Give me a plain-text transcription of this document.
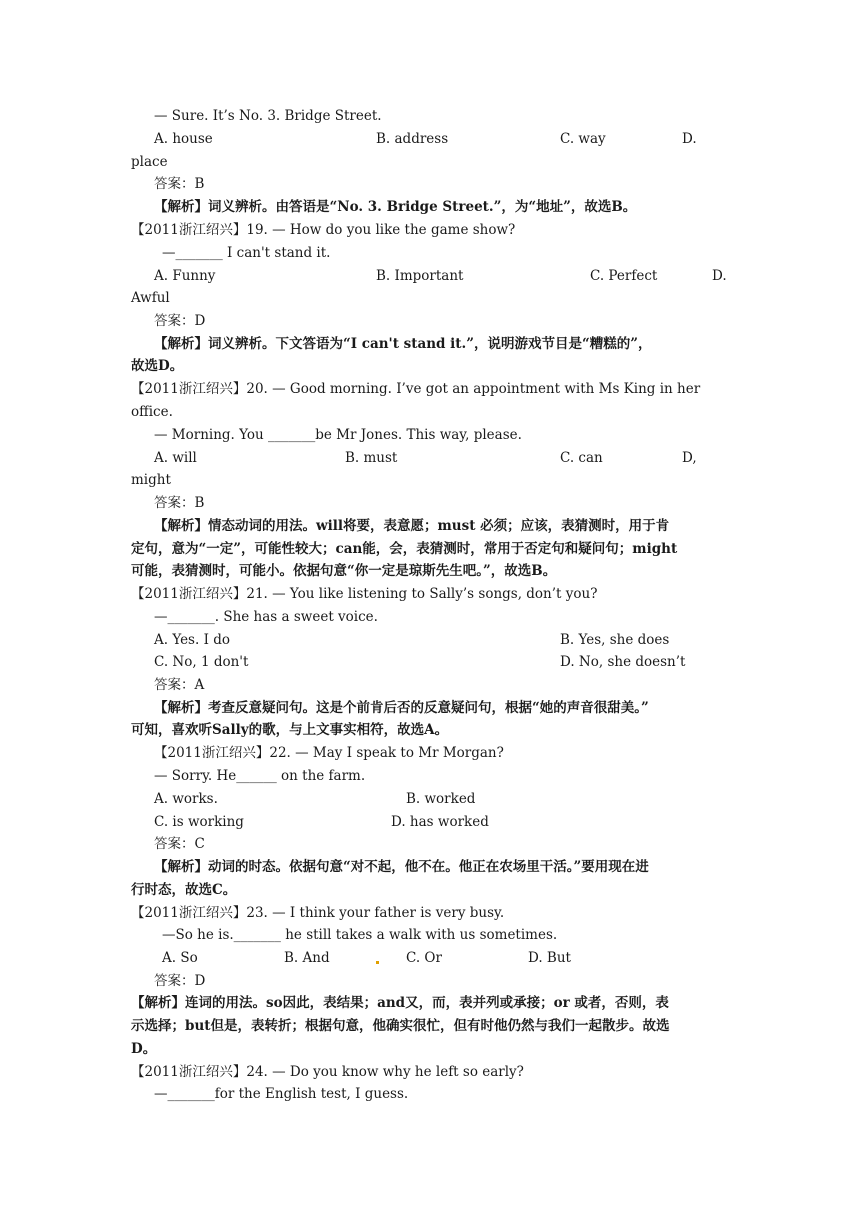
— Sure. It’s No. 3. Bridge Street.
A. house	B. address	C. way	D.
place
答案：B
【解析】词义辨析。由答语是“No. 3. Bridge Street.”，为“地址”，故选B。
【2011浙江绍兴】19. — How do you like the game show?
—_______ I can't stand it.
A. Funny	B. Important	C. Perfect	D.
Awful
答案：D
【解析】词义辨析。下文答语为“I can't stand it.”，说明游戏节目是“糟糕的”，
故选D。
【2011浙江绍兴】20. — Good morning. I’ve got an appointment with Ms King in her
office.
— Morning. You _______be Mr Jones. This way, please.
A. will	B. must	C. can	D,
might
答案：B
【解析】情态动词的用法。will将要，表意愿；must 必须；应该，表猜测时，用于肯
定句，意为“一定”，可能性较大；can能，会，表猜测时，常用于否定句和疑问句；might
可能，表猜测时，可能小。依据句意“你一定是琼斯先生吧。”，故选B。
【2011浙江绍兴】21. — You like listening to Sally’s songs, don’t you?
—_______. She has a sweet voice.
A. Yes. I do	B. Yes, she does
C. No, 1 don't	D. No, she doesn’t
答案：A
【解析】考查反意疑问句。这是个前肯后否的反意疑问句，根据“她的声音很甜美。”
可知，喜欢听Sally的歌，与上文事实相符，故选A。
【2011浙江绍兴】22. — May I speak to Mr Morgan?
— Sorry. He______ on the farm.
A. works.	B. worked
C. is working	D. has worked
答案：C
【解析】动词的时态。依据句意“对不起，他不在。他正在农场里干活。”要用现在进
行时态，故选C。
【2011浙江绍兴】23. — I think your father is very busy.
—So he is._______ he still takes a walk with us sometimes.
A. So	B. And	C. Or	D. But
答案：D
【解析】连词的用法。so因此，表结果；and又，而，表并列或承接；or 或者，否则，表
示选择；but但是，表转折；根据句意，他确实很忙，但有时他仍然与我们一起散步。故选
D。
【2011浙江绍兴】24. — Do you know why he left so early?
—_______for the English test, I guess.
